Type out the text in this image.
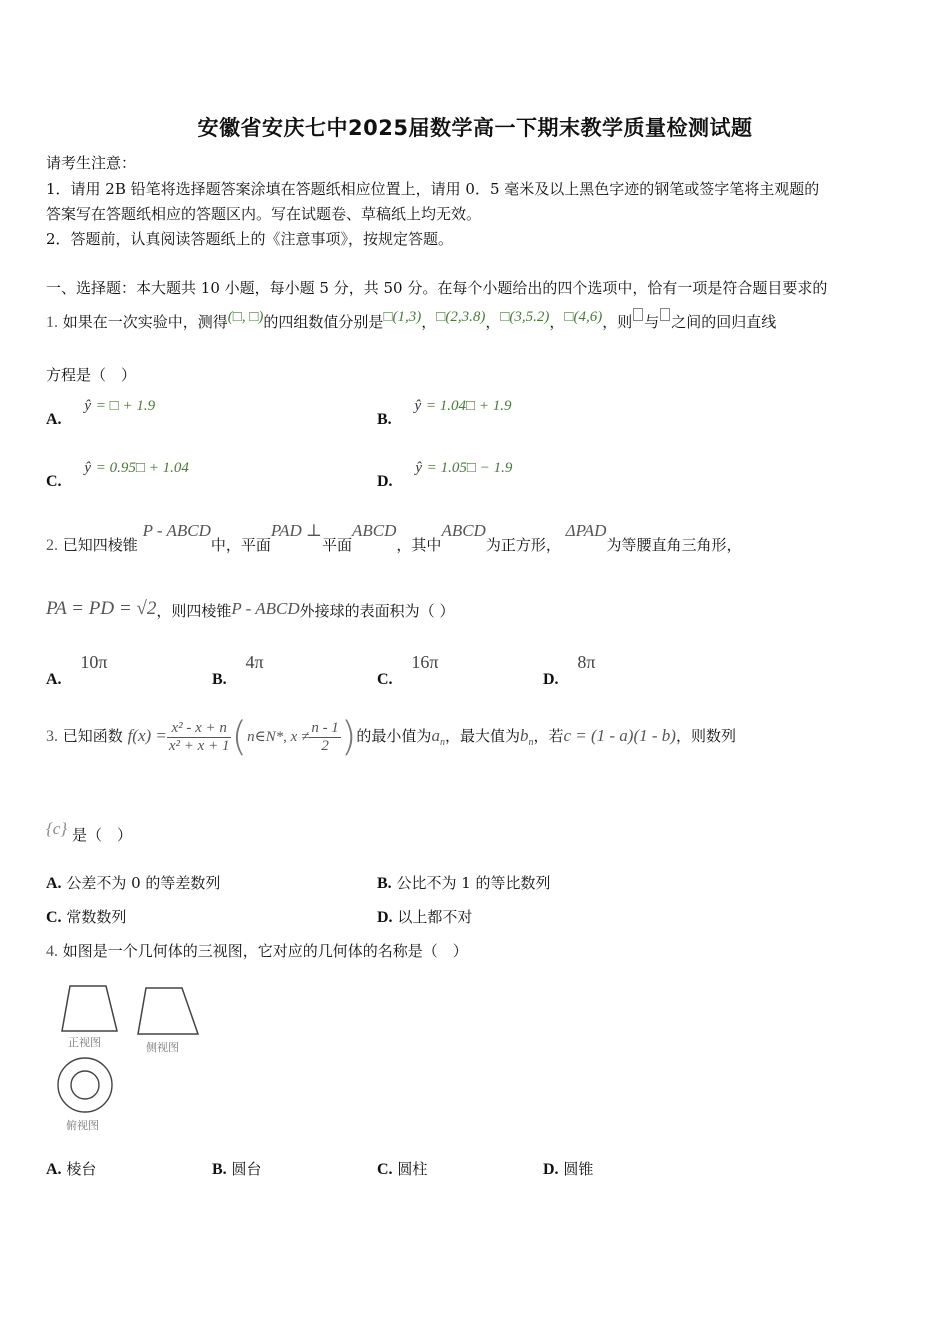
安徽省安庆七中2025届数学高一下期末教学质量检测试题
请考生注意：
1．请用 2B 铅笔将选择题答案涂填在答题纸相应位置上，请用 0．5 毫米及以上黑色字迹的钢笔或签字笔将主观题的
答案写在答题纸相应的答题区内。写在试题卷、草稿纸上均无效。
2．答题前，认真阅读答题纸上的《注意事项》，按规定答题。
一、选择题：本大题共 10 小题，每小题 5 分，共 50 分。在每个小题给出的四个选项中，恰有一项是符合题目要求的
1. 如果在一次实验中，测得(□, □)的四组数值分别是□(1,3)，□(2,3.8)，□(3,5.2)，□(4,6)，则 与 之间的回归直线
方程是（　）
A. ŷ = □ + 1.9
B. ŷ = 1.04□ + 1.9
C. ŷ = 0.95□ + 1.04
D. ŷ = 1.05□ − 1.9
2. 已知四棱锥 P - ABCD中，平面PAD ⊥平面ABCD，其中ABCD为正方形， ΔPAD为等腰直角三角形，
PA = PD = √2，则四棱锥P - ABCD外接球的表面积为（ ）
A. 10π
B. 4π
C. 16π
D. 8π
3. 已知函数 $f(x) = \frac{\text{x² - x + n}}{\text{x² + x + 1}}$ (n∈N*, $x \ne \frac{n - 1}{2}$ )的最小值为$a_n$，最大值为$b_n$，若c = (1 - a)(1 - b)，则数列
{c} 是（　）
A. 公差不为 0 的等差数列	B. 公比不为 1 的等比数列
C. 常数数列	D. 以上都不对
4. 如图是一个几何体的三视图，它对应的几何体的名称是（　）
正视图	侧视图
俯视图
A. 棱台	B. 圆台	C. 圆柱	D. 圆锥
